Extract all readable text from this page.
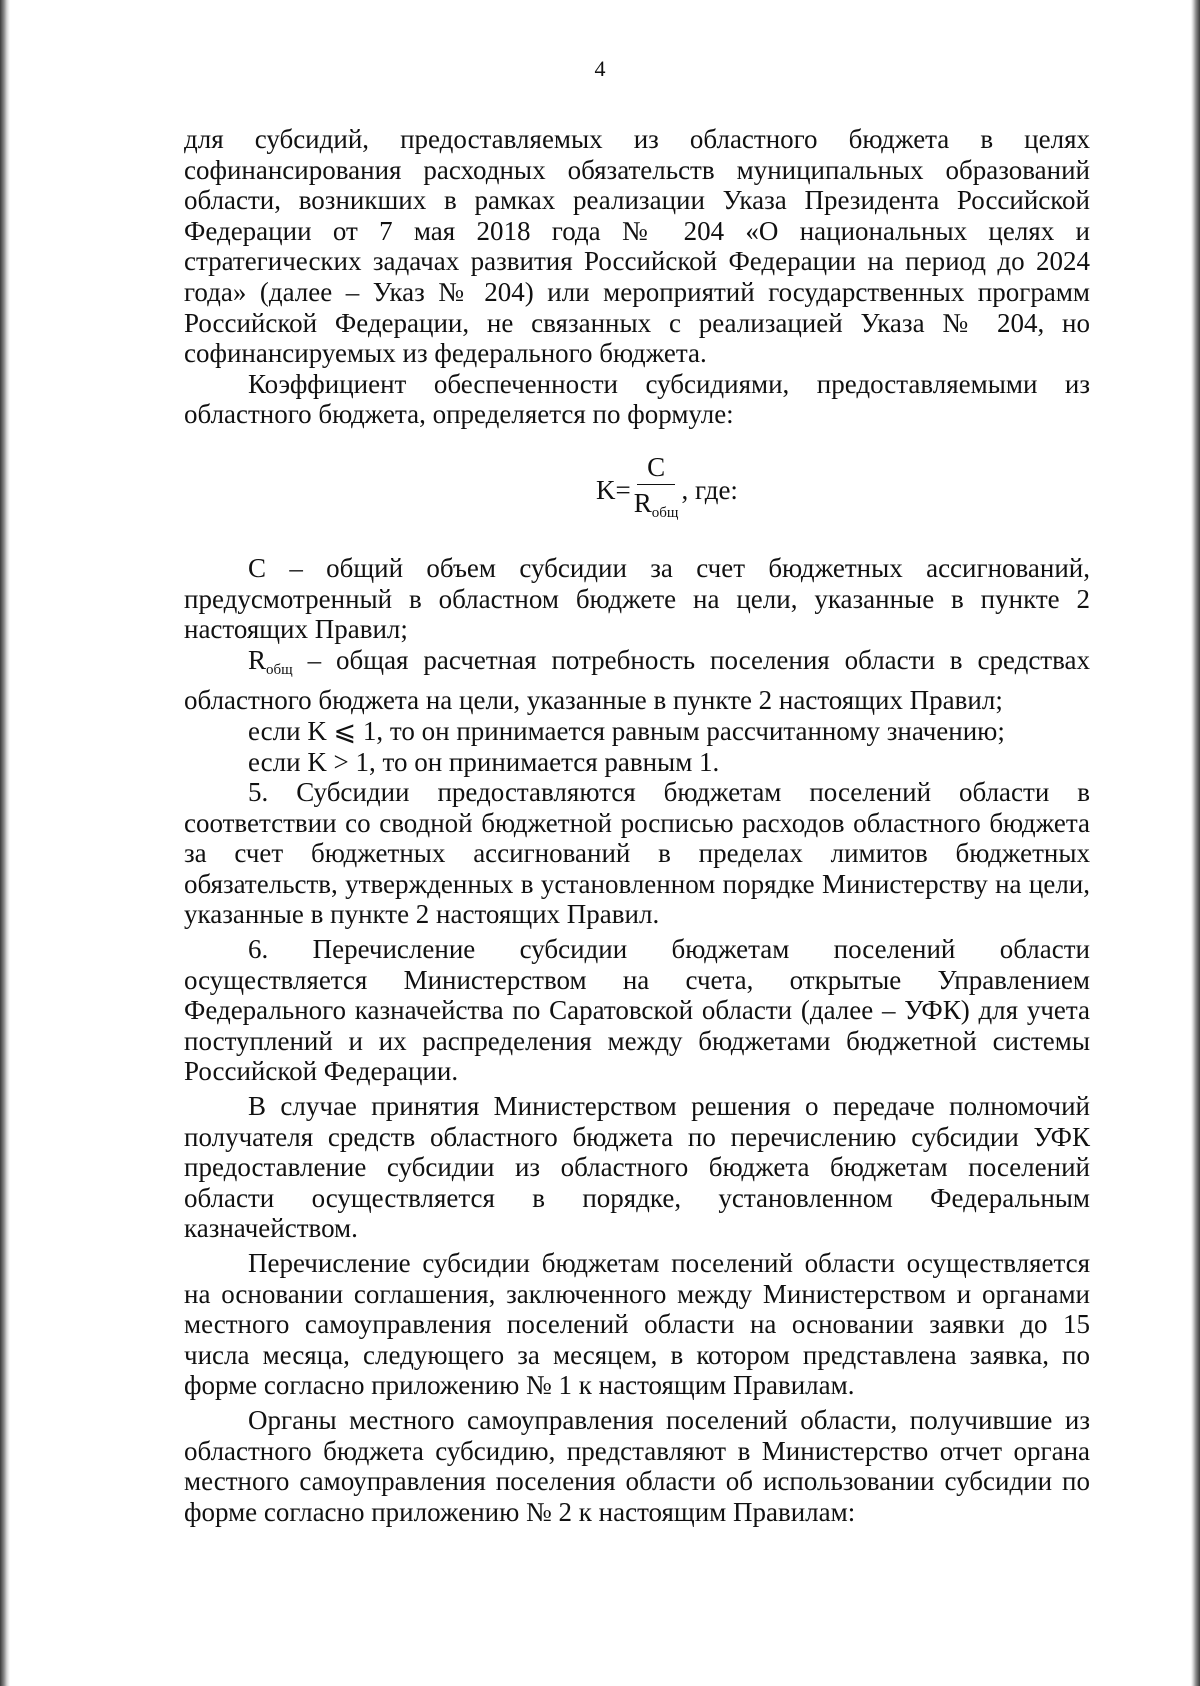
4

для субсидий, предоставляемых из областного бюджета в целях софинансирования расходных обязательств муниципальных образований области, возникших в рамках реализации Указа Президента Российской Федерации от 7 мая 2018 года № 204 «О национальных целях и стратегических задачах развития Российской Федерации на период до 2024 года» (далее – Указ № 204) или мероприятий государственных программ Российской Федерации, не связанных с реализацией Указа № 204, но софинансируемых из федерального бюджета.

Коэффициент обеспеченности субсидиями, предоставляемыми из областного бюджета, определяется по формуле:

$K= \frac{C}{R_{общ}}$ , где:

C – общий объем субсидии за счет бюджетных ассигнований, предусмотренный в областном бюджете на цели, указанные в пункте 2 настоящих Правил;

$R_{общ}$ – общая расчетная потребность поселения области в средствах областного бюджета на цели, указанные в пункте 2 настоящих Правил;

если K ⩽ 1, то он принимается равным рассчитанному значению;

если K > 1, то он принимается равным 1.

5. Субсидии предоставляются бюджетам поселений области в соответствии со сводной бюджетной росписью расходов областного бюджета за счет бюджетных ассигнований в пределах лимитов бюджетных обязательств, утвержденных в установленном порядке Министерству на цели, указанные в пункте 2 настоящих Правил.

6. Перечисление субсидии бюджетам поселений области осуществляется Министерством на счета, открытые Управлением Федерального казначейства по Саратовской области (далее – УФК) для учета поступлений и их распределения между бюджетами бюджетной системы Российской Федерации.

В случае принятия Министерством решения о передаче полномочий получателя средств областного бюджета по перечислению субсидии УФК предоставление субсидии из областного бюджета бюджетам поселений области осуществляется в порядке, установленном Федеральным казначейством.

Перечисление субсидии бюджетам поселений области осуществляется на основании соглашения, заключенного между Министерством и органами местного самоуправления поселений области на основании заявки до 15 числа месяца, следующего за месяцем, в котором представлена заявка, по форме согласно приложению № 1 к настоящим Правилам.

Органы местного самоуправления поселений области, получившие из областного бюджета субсидию, представляют в Министерство отчет органа местного самоуправления поселения области об использовании субсидии по форме согласно приложению № 2 к настоящим Правилам:
